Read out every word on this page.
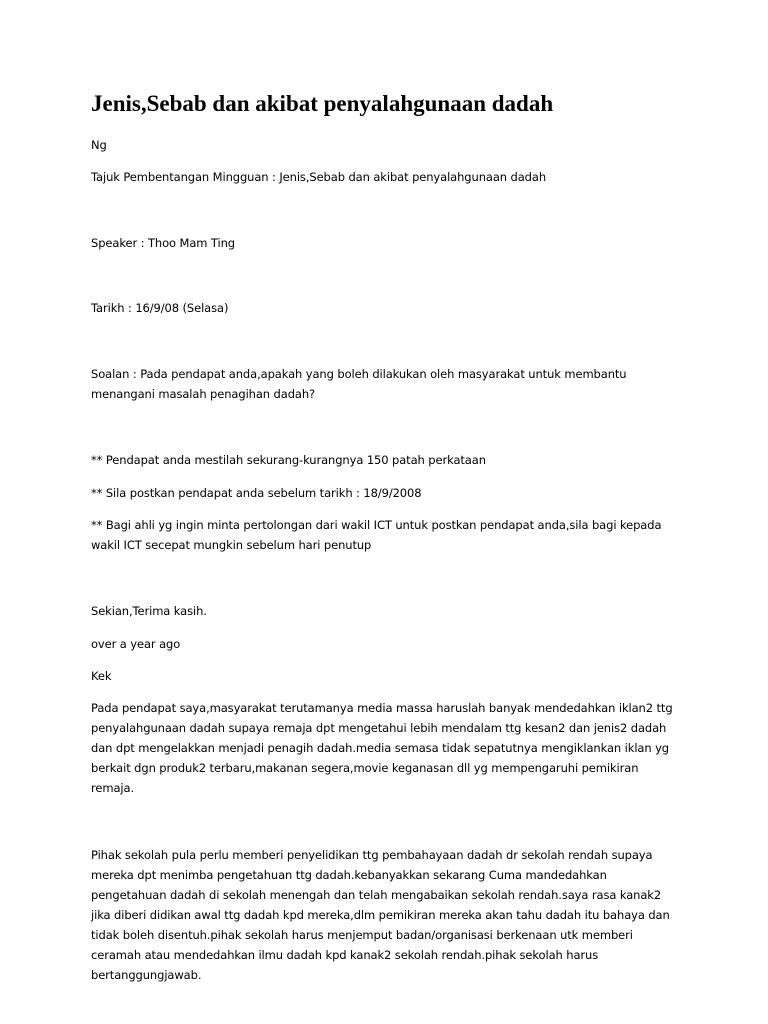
Jenis,Sebab dan akibat penyalahgunaan dadah

Ng

Tajuk Pembentangan Mingguan : Jenis,Sebab dan akibat penyalahgunaan dadah

Speaker : Thoo Mam Ting

Tarikh : 16/9/08 (Selasa)

Soalan : Pada pendapat anda,apakah yang boleh dilakukan oleh masyarakat untuk membantu
menangani masalah penagihan dadah?

** Pendapat anda mestilah sekurang-kurangnya 150 patah perkataan

** Sila postkan pendapat anda sebelum tarikh : 18/9/2008

** Bagi ahli yg ingin minta pertolongan dari wakil ICT untuk postkan pendapat anda,sila bagi kepada
wakil ICT secepat mungkin sebelum hari penutup

Sekian,Terima kasih.

over a year ago

Kek

Pada pendapat saya,masyarakat terutamanya media massa haruslah banyak mendedahkan iklan2 ttg
penyalahgunaan dadah supaya remaja dpt mengetahui lebih mendalam ttg kesan2 dan jenis2 dadah
dan dpt mengelakkan menjadi penagih dadah.media semasa tidak sepatutnya mengiklankan iklan yg
berkait dgn produk2 terbaru,makanan segera,movie keganasan dll yg mempengaruhi pemikiran
remaja.

Pihak sekolah pula perlu memberi penyelidikan ttg pembahayaan dadah dr sekolah rendah supaya
mereka dpt menimba pengetahuan ttg dadah.kebanyakkan sekarang Cuma mandedahkan
pengetahuan dadah di sekolah menengah dan telah mengabaikan sekolah rendah.saya rasa kanak2
jika diberi didikan awal ttg dadah kpd mereka,dlm pemikiran mereka akan tahu dadah itu bahaya dan
tidak boleh disentuh.pihak sekolah harus menjemput badan/organisasi berkenaan utk memberi
ceramah atau mendedahkan ilmu dadah kpd kanak2 sekolah rendah.pihak sekolah harus
bertanggungjawab.
